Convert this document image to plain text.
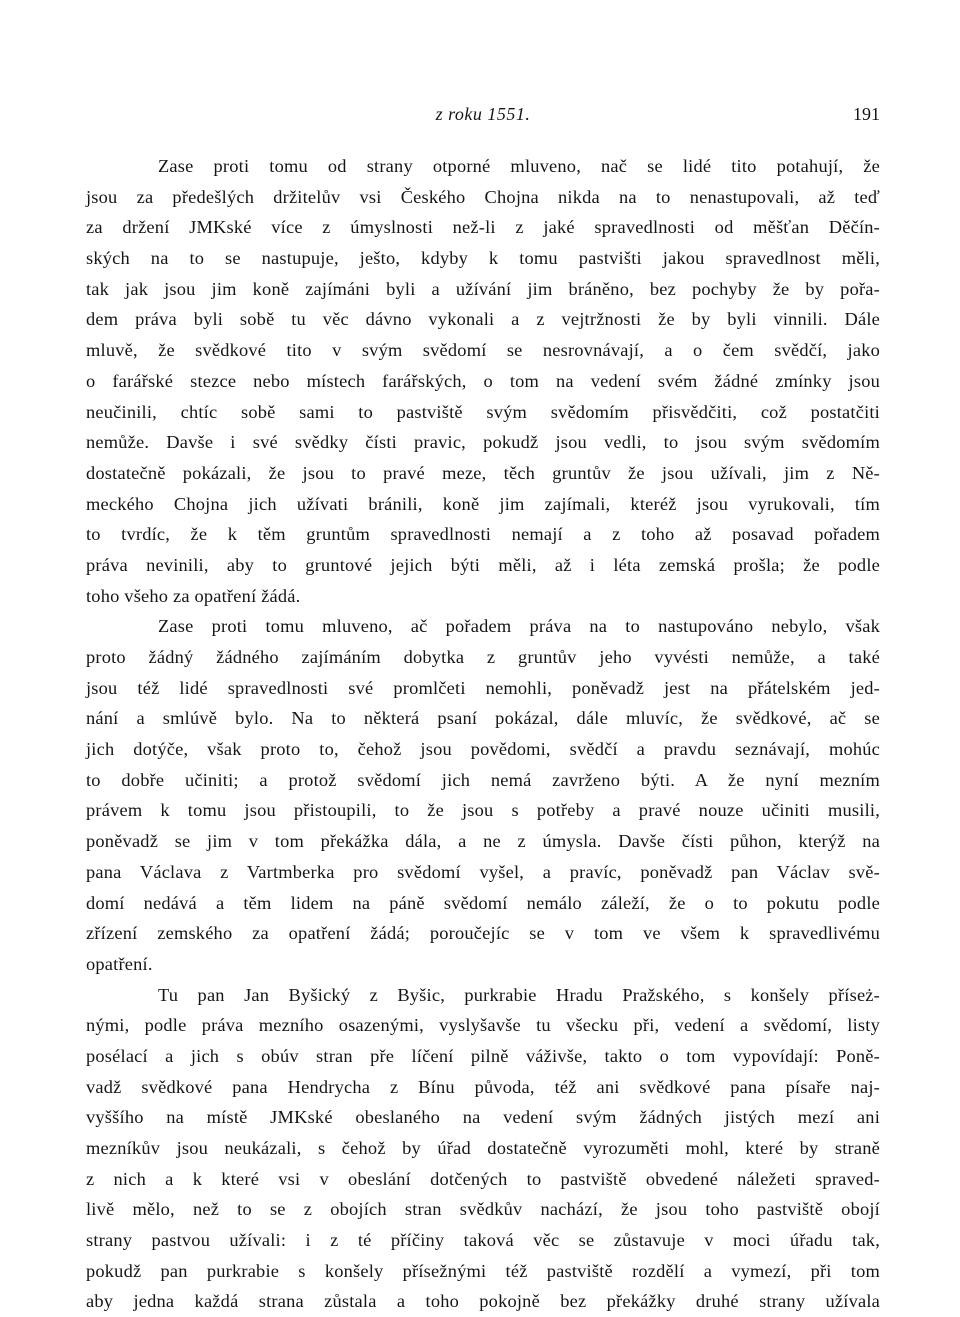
z roku 1551.	191
Zase proti tomu od strany otporné mluveno, nač se lidé tito potahují, že
jsou za předešlých držitelův vsi Českého Chojna nikda na to nenastupovali, až teď
za držení JMKské více z úmyslnosti než-li z jaké spravedlnosti od měšťan Děčín-
ských na to se nastupuje, ješto, kdyby k tomu pastvišti jakou spravedlnost měli,
tak jak jsou jim koně zajímáni byli a užívání jim bráněno, bez pochyby že by pořa-
dem práva byli sobě tu věc dávno vykonali a z vejtržnosti že by byli vinnili. Dále
mluvě, že svědkové tito v svým svědomí se nesrovnávají, a o čem svědčí, jako
o farářské stezce nebo místech farářských, o tom na vedení svém žádné zmínky jsou
neučinili, chtíc sobě sami to pastviště svým svědomím přisvědčiti, což postatčiti
nemůže. Davše i své svědky čísti praviс, pokudž jsou vedli, to jsou svým svědomím
dostatečně pokázali, že jsou to pravé meze, těch gruntův že jsou užívali, jim z Ně-
meckého Chojna jich užívati bránili, koně jim zajímali, kteréž jsou vyrukovali, tím
to tvrdíc, že k těm gruntům spravedlnosti nemají a z toho až posavad pořadem
práva nevinili, aby to gruntové jejich býti měli, až i léta zemská prošla; že podle
toho všeho za opatření žádá.
Zase proti tomu mluveno, ač pořadem práva na to nastupováno nebylo, však
proto žádný žádného zajímáním dobytka z gruntův jeho vyvésti nemůže, a také
jsou též lidé spravedlnosti své promlčeti nemohli, poněvadž jest na přátelském jed-
nání a smlúvě bylo. Na to některá psaní pokázal, dále mluvíc, že svědkové, ač se
jich dotýče, však proto to, čehož jsou povědomi, svědčí a pravdu seznávají, mohúc
to dobře učiniti; a protož svědomí jich nemá zavrženo býti. A že nyní mezním
právem k tomu jsou přistoupili, to že jsou s potřeby a pravé nouze učiniti musili,
poněvadž se jim v tom překážka dála, a ne z úmysla. Davše čísti půhon, kterýž na
pana Václava z Vartmberka pro svědomí vyšel, a pravíc, poněvadž pan Václav svě-
domí nedává a těm lidem na páně svědomí nemálo záleží, že o to pokutu podle
zřízení zemského za opatření žádá; poroučejíc se v tom ve všem k spravedlivému
opatření.
Tu pan Jan Byšický z Byšic, purkrabie Hradu Pražského, s konšely příseż-
nými, podle práva mezního osazenými, vyslyšavše tu všecku při, vedení a svědomí, listy
posélací a jich s obúv stran pře líčení pilně váživše, takto o tom vypovídají: Poně-
vadž svědkové pana Hendrycha z Bínu původa, též ani svědkové pana písaře naj-
vyššího na místě JMKské obeslaného na vedení svým žádných jistých mezí ani
mezníkův jsou neukázali, s čehož by úřad dostatečně vyrozuměti mohl, které by straně
z nich a k které vsi v obeslání dotčených to pastviště obvedené náležeti spraved-
livě mělo, než to se z obojích stran svědkův nachází, že jsou toho pastviště obojí
strany pastvou užívali: i z té příčiny taková věc se zůstavuje v moci úřadu tak,
pokudž pan purkrabie s konšely přísežnými též pastviště rozdělí a vymezí, při tom
aby jedna každá strana zůstala a toho pokojně bez překážky druhé strany užívala
